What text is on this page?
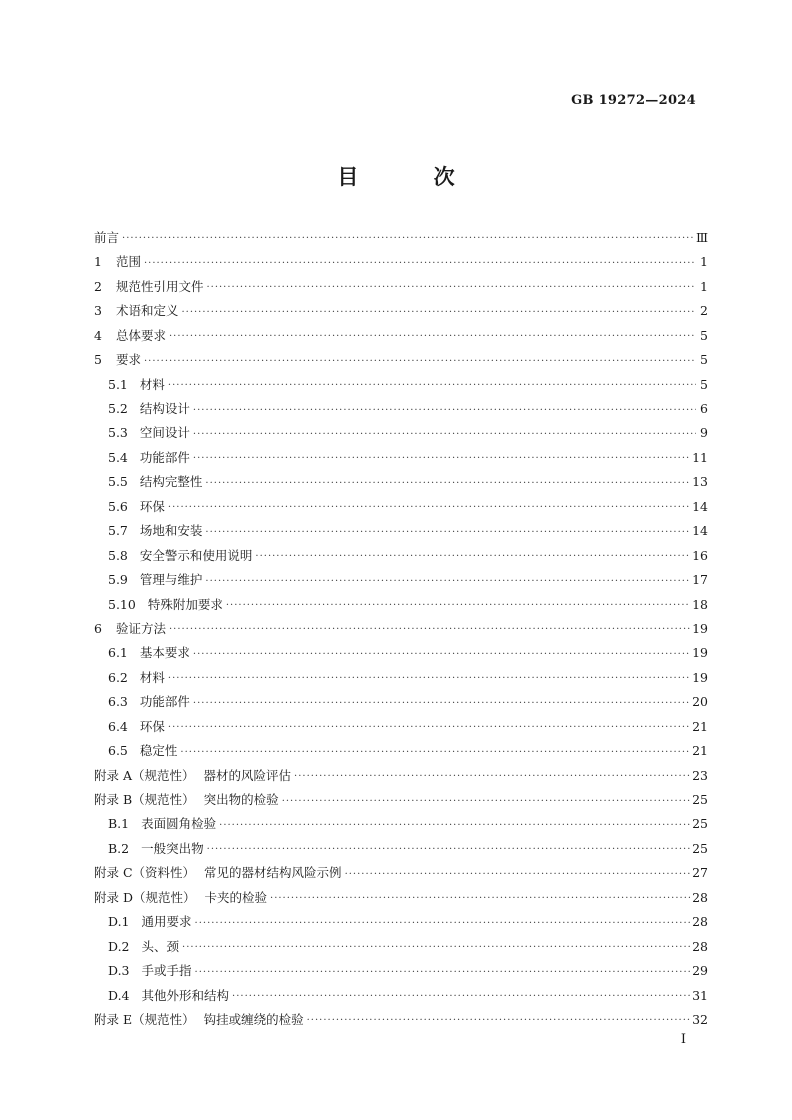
GB 19272—2024
目 次
前言 ·····	Ⅲ
1 范围 ·····	1
2 规范性引用文件 ·····	1
3 术语和定义 ·····	2
4 总体要求 ·····	5
5 要求 ·····	5
5.1 材料 ·····	5
5.2 结构设计 ·····	6
5.3 空间设计 ·····	9
5.4 功能部件 ·····	11
5.5 结构完整性 ·····	13
5.6 环保 ·····	14
5.7 场地和安装 ·····	14
5.8 安全警示和使用说明 ·····	16
5.9 管理与维护 ·····	17
5.10 特殊附加要求 ·····	18
6 验证方法 ·····	19
6.1 基本要求 ·····	19
6.2 材料 ·····	19
6.3 功能部件 ·····	20
6.4 环保 ·····	21
6.5 稳定性 ·····	21
附录 A（规范性） 器材的风险评估 ·····	23
附录 B（规范性） 突出物的检验 ·····	25
B.1 表面圆角检验 ·····	25
B.2 一般突出物 ·····	25
附录 C（资料性） 常见的器材结构风险示例 ·····	27
附录 D（规范性） 卡夹的检验 ·····	28
D.1 通用要求 ·····	28
D.2 头、颈 ·····	28
D.3 手或手指 ·····	29
D.4 其他外形和结构 ·····	31
附录 E（规范性） 钩挂或缠绕的检验 ·····	32
I
